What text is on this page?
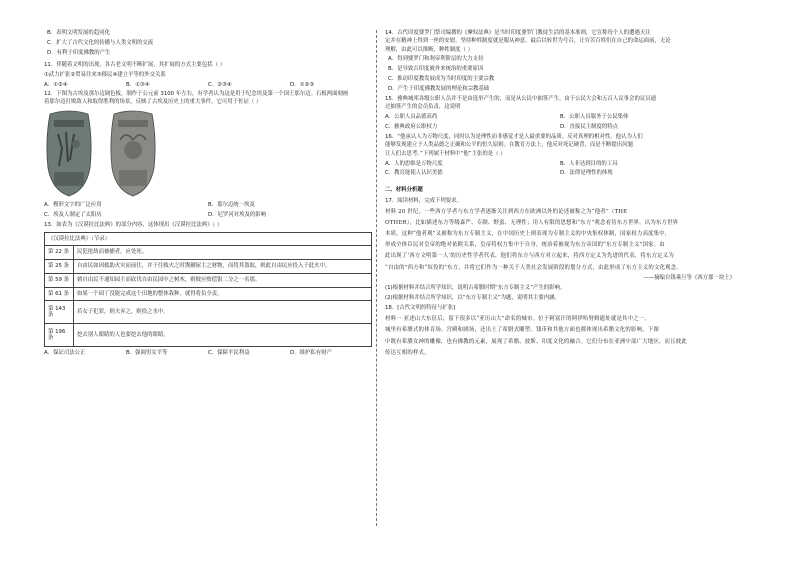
B．表明文明发展的趋同化

C．扩大了古代文化的传播与人类文明的交流

D．有利于印度佛教的产生

11．伴随着文明的出现，各古老文明不断扩展，其扩展的方式主要包括（ ）

①武力扩张②贸易往来③移民④建立平等的外交关系

A．①②④	B．①③④	C．②③④	D．①②③

12．下图为古埃及那尔迈调色板，制作于公元前 3100 年左右，有学者认为这是用于纪念埃及第一个国王那尔迈。石板两面刻画

着那尔迈打败敌人和取得胜利的场景，反映了古埃及历史上的重大事件。它可用于佐证（ ）

A．楔形文字的广泛应用	B．那尔迈统一埃及
C．埃及人制定了太阳历	D．尼罗河对埃及的影响

13．如表为《汉谟拉比法典》的部分内容，这体现出《汉谟拉比法典》（ ）

《汉谟拉比法典》（节录）	
第 22 条	民犯抢劫而被捕者，应处死。
第 25 条	自由民如因救助火灾而前往，并于往救火之时觊觎屋主之财物，而将其盗取，则此自由民应投入于此火中。
第 59 条	倘自由民不通知园主而砍伐自由民园中之树木，则彼应赔偿银二分之一名那。
第 61 条	如果一个园丁没能完成这个田地的整体栽种，就得将负全责。
第 143 条	若女子犯罪，则夫弃之，则投之水中。
第 196 条	挖去别人眼睛的人也要挖去他的眼睛。
A．保证司法公正	B．强调男女平等	C．保障平民利益	D．维护私有财产

14．古代印度婆罗门祭司编撰的《摩奴法典》是当时印度婆罗门教徒生活的基本准则，它宣称每个人的遭遇天注

定并在精神上得到一丝的安慰，坚持种姓制度就是服从神意，最后以转世为号召，让穷苦百姓们在自己的命运面前，无论

理解，由此可以推断，种姓制度（ ）

A．得到婆罗门和刹帝利阶层的大力支持

B．是导致古印度被外来统治的重要原因

C．推动印度教发展成为当时印度的主要宗教

D．产生于印度佛教发展的理论和宗教基础

15．雅典城邦各级公职人员并不是由选举产生的，而是从公民中抽签产生。由于公民大会和五百人议事会的议员通

过抽签产生的会员负责，这说明

A．公职人员品德高尚	B．公职人员服务于公民集体
C．雅典政府公职权力	D．直接民主制度的特点

16．“他承认人为万物尺度，同时认为是理性而非感觉才是人最重要的品质。反对真理的相对性，他认为人们

能够发现建立于人类品德之正确和公平的恒久原则。在教育方法上，他反对死记硬背，而是不断提出问题

让人们去思考。”下列属于材料中“他”主张的是（ ）

A．人的思维是万物尺度	B．人非达到目的的工具
C．教育能使人认识美德	D．法律是理性的体现

二、材料分析题

17．阅读材料，完成下列要求。

材料 20 世纪，一些西方学者与东方学者逐渐关注到西方在欧洲以外的论述被称之为“他者”（THE

OTHER），比如描述东方等级森严、专制、野蛮、无理性；用人有限的思想和“东方”观念看待东方世界，认为东方世界

本质。这种“他者观”又被称为东方专制主义，在中国历史上则表现为专制主义的中央集权体制，国家权力高度集中，

形成全体臣民对皇帝的绝对依附关系，皇帝将权力集中于自身，统治着被视为东方帝国的“东方专制主义”国家。由

此出现了‘西方文明第一人’的历史性学者代表，他们将东方与西方对立起来，将西方定义为先进的代表，将东方定义为

“自由的”西方和“奴役的”东方，并将它们作为一种关于人类社会发展阶段的划分方式，由此形成了东方主义的文化观念。

——摘编自钱乘旦等《西方那一块土》

(1)根据材料并结合所学知识，说明古希腊时期“东方专制主义”产生的影响。

(2)根据材料并结合所学知识，以“东方专制主义”为题，说明其主要内涵。

18．[古代文明的特征与扩张]

材料一 亚述山大东征后，留下很多以“亚历山大”命名的城市。位于阿富汗的阿伊哈努姆遗址就是其中之一，

城里有希腊式的体育场、宫殿和剧场，还出土了希腊式雕塑。钱币和其他方面也都体现出希腊文化的影响。下图

中既有希腊女神的雕像，也有佛教的元素，展现了希腊、波斯、印度文化的融合。它们分布在亚洲中部广大地区，而且彼此

传达互相的样式。
